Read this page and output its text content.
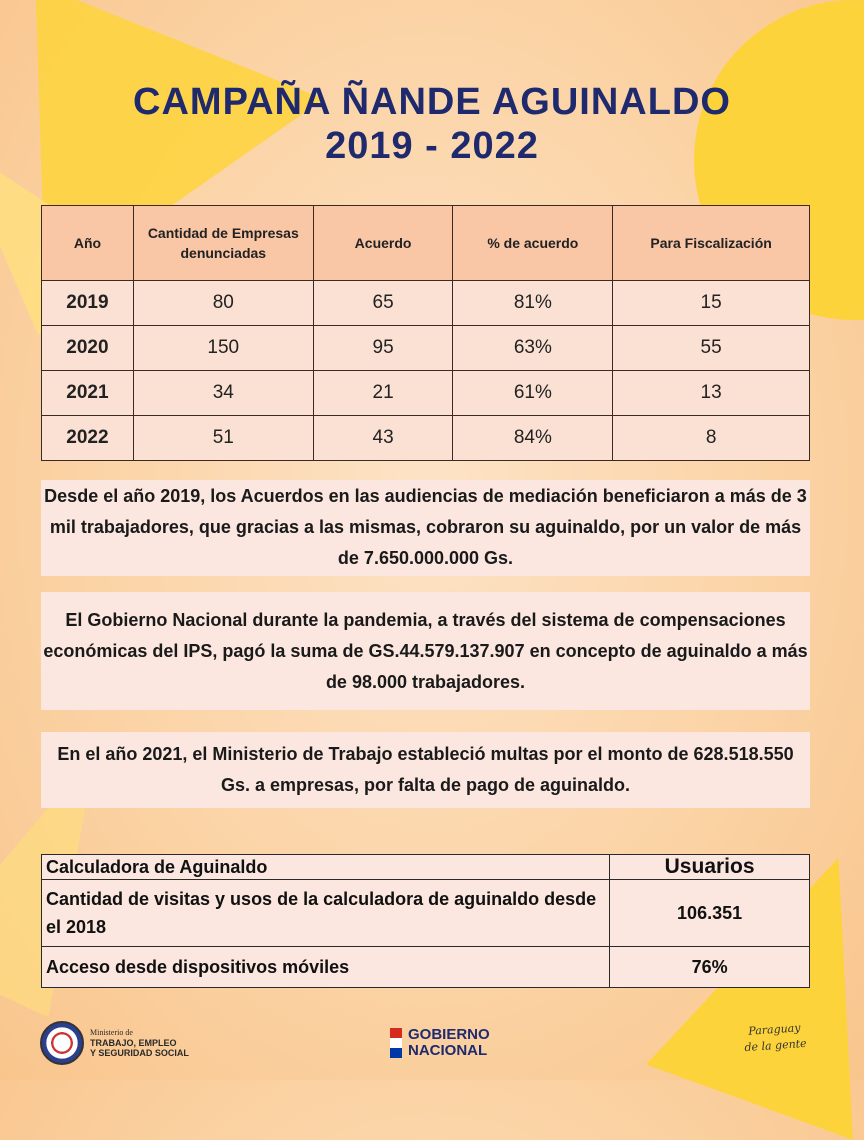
CAMPAÑA ÑANDE AGUINALDO
2019 - 2022
Año	Cantidad de Empresas denunciadas	Acuerdo	% de acuerdo	Para Fiscalización
2019	80	65	81%	15
2020	150	95	63%	55
2021	34	21	61%	13
2022	51	43	84%	8
Desde el año 2019, los Acuerdos en las audiencias de mediación beneficiaron a más de 3 mil trabajadores, que gracias a las mismas, cobraron su aguinaldo, por un valor de más de 7.650.000.000 Gs.
El Gobierno Nacional durante la pandemia, a través del sistema de compensaciones económicas del IPS, pagó la suma de GS.44.579.137.907 en concepto de aguinaldo a más de 98.000 trabajadores.
En el año 2021, el Ministerio de Trabajo estableció multas por el monto de 628.518.550 Gs. a empresas, por falta de pago de aguinaldo.
Calculadora de Aguinaldo	Usuarios
Cantidad de visitas y usos de la calculadora de aguinaldo desde el 2018	106.351
Acceso desde dispositivos móviles	76%
Ministerio de
TRABAJO, EMPLEO
Y SEGURIDAD SOCIAL
GOBIERNO
NACIONAL
Paraguay
de la gente
